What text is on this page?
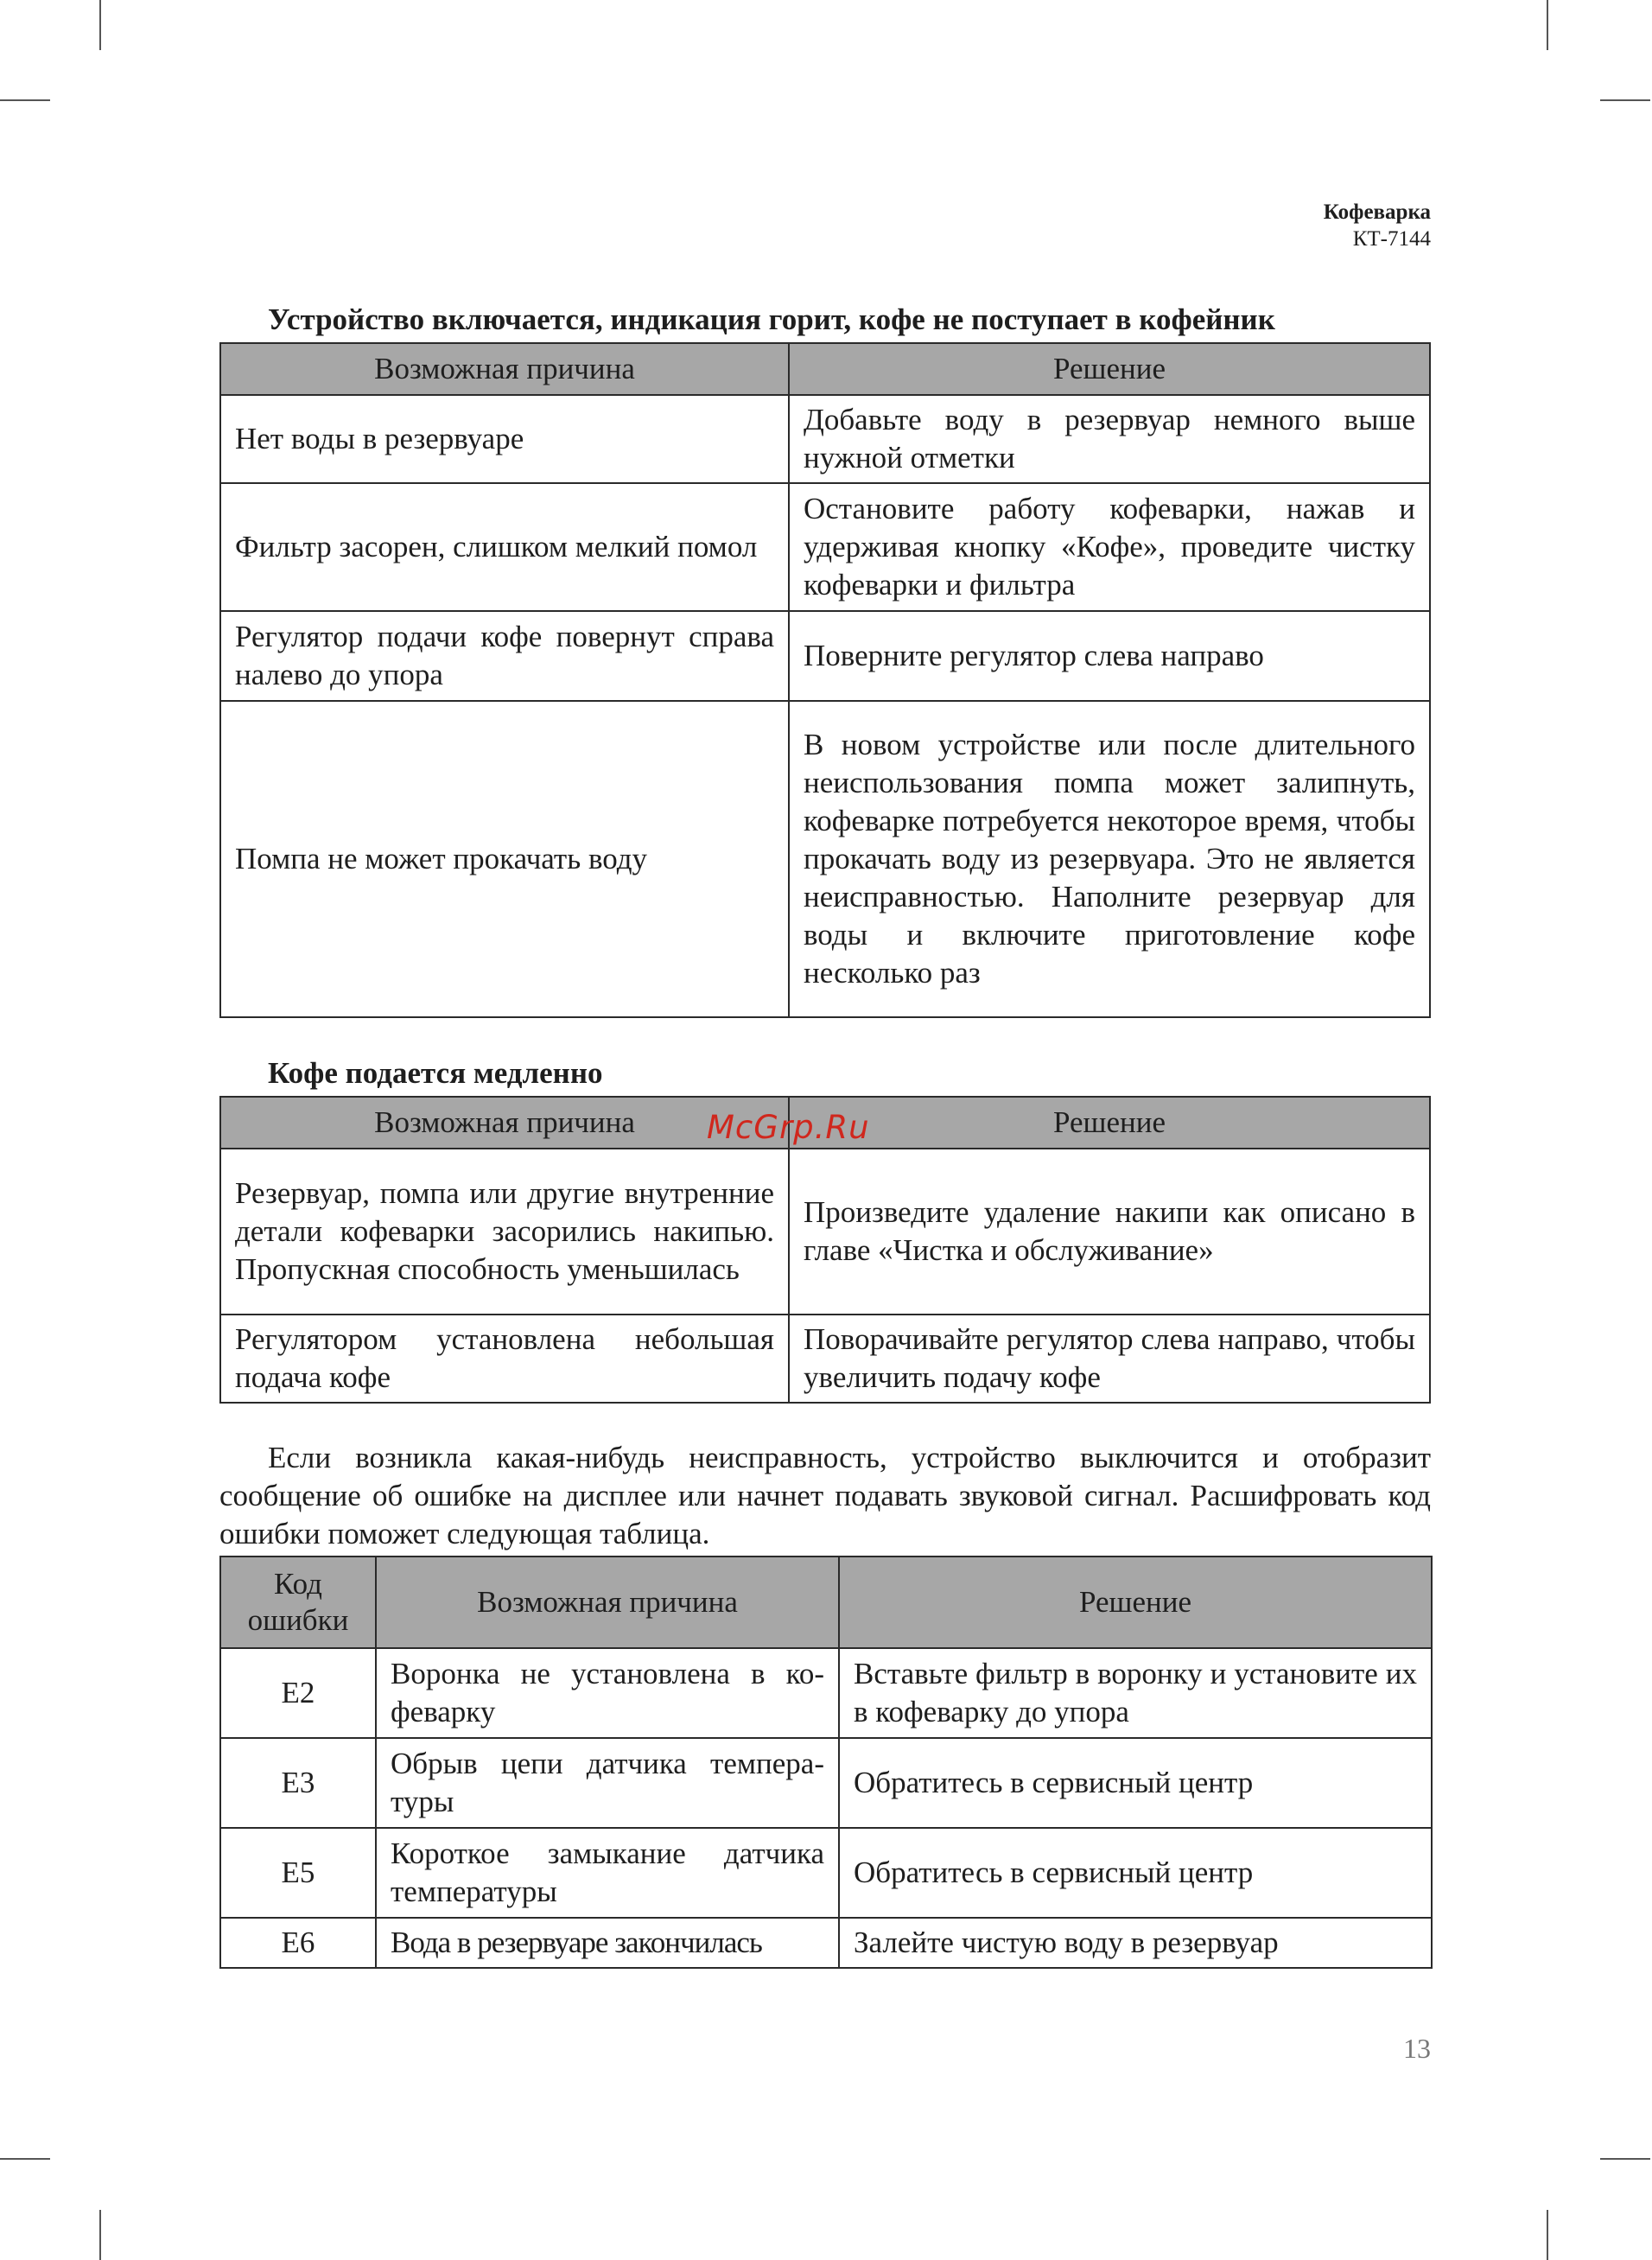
Кофеварка
КТ-7144
Устройство включается, индикация горит, кофе не поступает в кофейник
Возможная причина	Решение
Нет воды в резервуаре	Добавьте воду в резервуар немного выше нужной отметки
Фильтр засорен, слишком мелкий помол	Остановите работу кофеварки, нажав и удерживая кнопку «Кофе», проведите чистку кофеварки и фильтра
Регулятор подачи кофе повернут справа налево до упора	Поверните регулятор слева направо
Помпа не может прокачать воду	В новом устройстве или после длительного неиспользования помпа может залипнуть, кофеварке потребуется некоторое время, чтобы прокачать воду из резервуара. Это не является неисправностью. Наполните резервуар для воды и включите приготовление кофе несколько раз
Кофе подается медленно
Возможная причина	Решение
Резервуар, помпа или другие внутренние детали кофеварки засорились накипью. Пропускная способность уменьшилась	Произведите удаление накипи как описано в главе «Чистка и обслуживание»
Регулятором установлена небольшая подача кофе	Поворачивайте регулятор слева направо, чтобы увеличить подачу кофе
McGrp.Ru
Если возникла какая-нибудь неисправность, устройство выключится и отобразит сообщение об ошибке на дисплее или начнет подавать звуковой сигнал. Расшифровать код ошибки поможет следующая таблица.
Код ошибки	Возможная причина	Решение
E2	Воронка не установлена в кофеварку	Вставьте фильтр в воронку и установите их в кофеварку до упора
E3	Обрыв цепи датчика температуры	Обратитесь в сервисный центр
E5	Короткое замыкание датчика температуры	Обратитесь в сервисный центр
E6	Вода в резервуаре закончилась	Залейте чистую воду в резервуар
13
